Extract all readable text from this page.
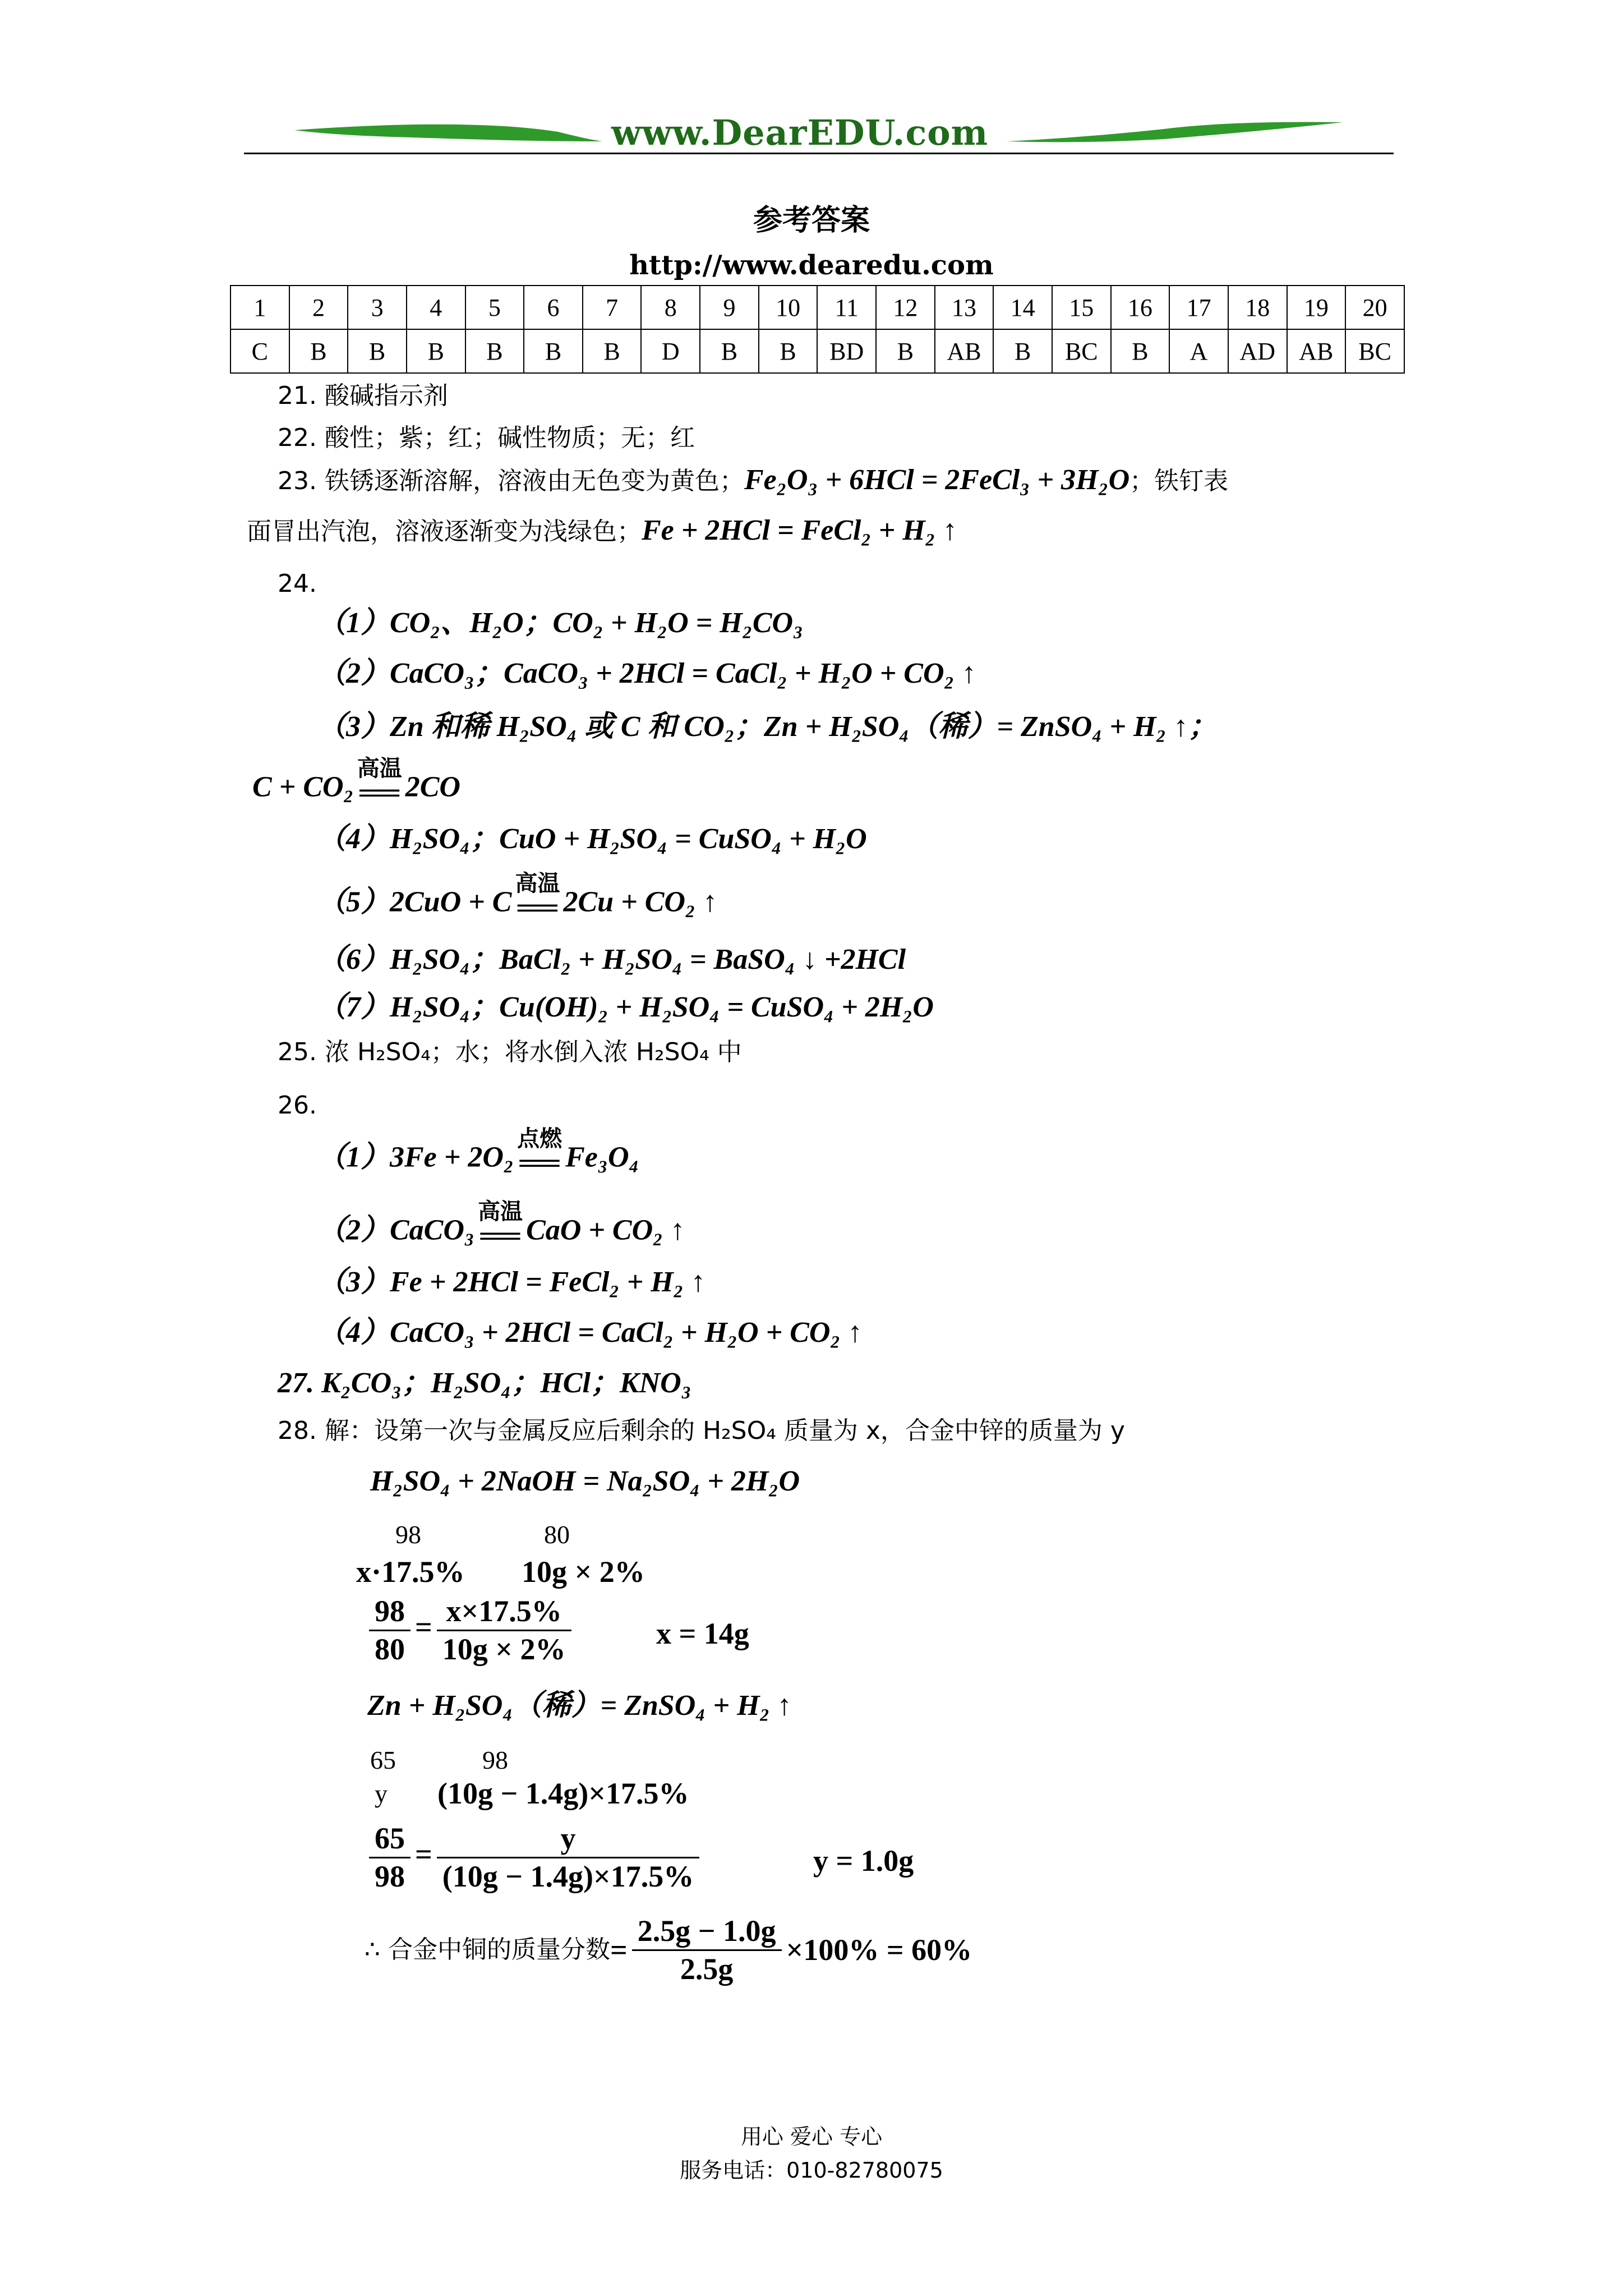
www.DearEDU.com
参考答案
http://www.dearedu.com
1	2	3	4	5	6	7	8	9	10	11	12	13	14	15	16	17	18	19	20
C	B	B	B	B	B	B	D	B	B	BD	B	AB	B	BC	B	A	AD	AB	BC
21. 酸碱指示剂
22. 酸性；紫；红；碱性物质；无；红
23. 铁锈逐渐溶解，溶液由无色变为黄色；Fe₂O₃ + 6HCl = 2FeCl₃ + 3H₂O；铁钉表
面冒出汽泡，溶液逐渐变为浅绿色；Fe + 2HCl = FeCl₂ + H₂ ↑
24.
（1）CO₂、H₂O；CO₂ + H₂O = H₂CO₃
（2）CaCO₃；CaCO₃ + 2HCl = CaCl₂ + H₂O + CO₂ ↑
（3）Zn 和稀 H₂SO₄ 或 C 和 CO₂；Zn + H₂SO₄（稀）= ZnSO₄ + H₂ ↑；
C + CO₂
高温
══ 2CO
（4）H₂SO₄；CuO + H₂SO₄ = CuSO₄ + H₂O
（5）2CuO + C
高温
══ 2Cu + CO₂ ↑
（6）H₂SO₄；BaCl₂ + H₂SO₄ = BaSO₄ ↓ +2HCl
（7）H₂SO₄；Cu(OH)₂ + H₂SO₄ = CuSO₄ + 2H₂O
25. 浓 H₂SO₄；水；将水倒入浓 H₂SO₄ 中
26.
（1）3Fe + 2O₂
点燃
══ Fe₃O₄
（2）CaCO₃
高温
══ CaO + CO₂ ↑
（3）Fe + 2HCl = FeCl₂ + H₂ ↑
（4）CaCO₃ + 2HCl = CaCl₂ + H₂O + CO₂ ↑
27. K₂CO₃；H₂SO₄；HCl；KNO₃
28. 解：设第一次与金属反应后剩余的 H₂SO₄ 质量为 x，合金中锌的质量为 y
H₂SO₄ + 2NaOH = Na₂SO₄ + 2H₂O
98	80
x·17.5% 10g × 2%
$\frac{98}{80} = \frac{x\times 17.5\%}{10g \times 2\%}$	x = 14g
Zn + H₂SO₄（稀）= ZnSO₄ + H₂ ↑
65	98
y (10g − 1.4g)×17.5%
$\frac{65}{98} = \frac{y}{(10g - 1.4g)\times 17.5\%}$	y = 1.0g
∴ 合金中铜的质量分数= $\frac{2.5g - 1.0g}{2.5g} \times 100\% = 60\%$
用心 爱心 专心
服务电话：010-82780075
